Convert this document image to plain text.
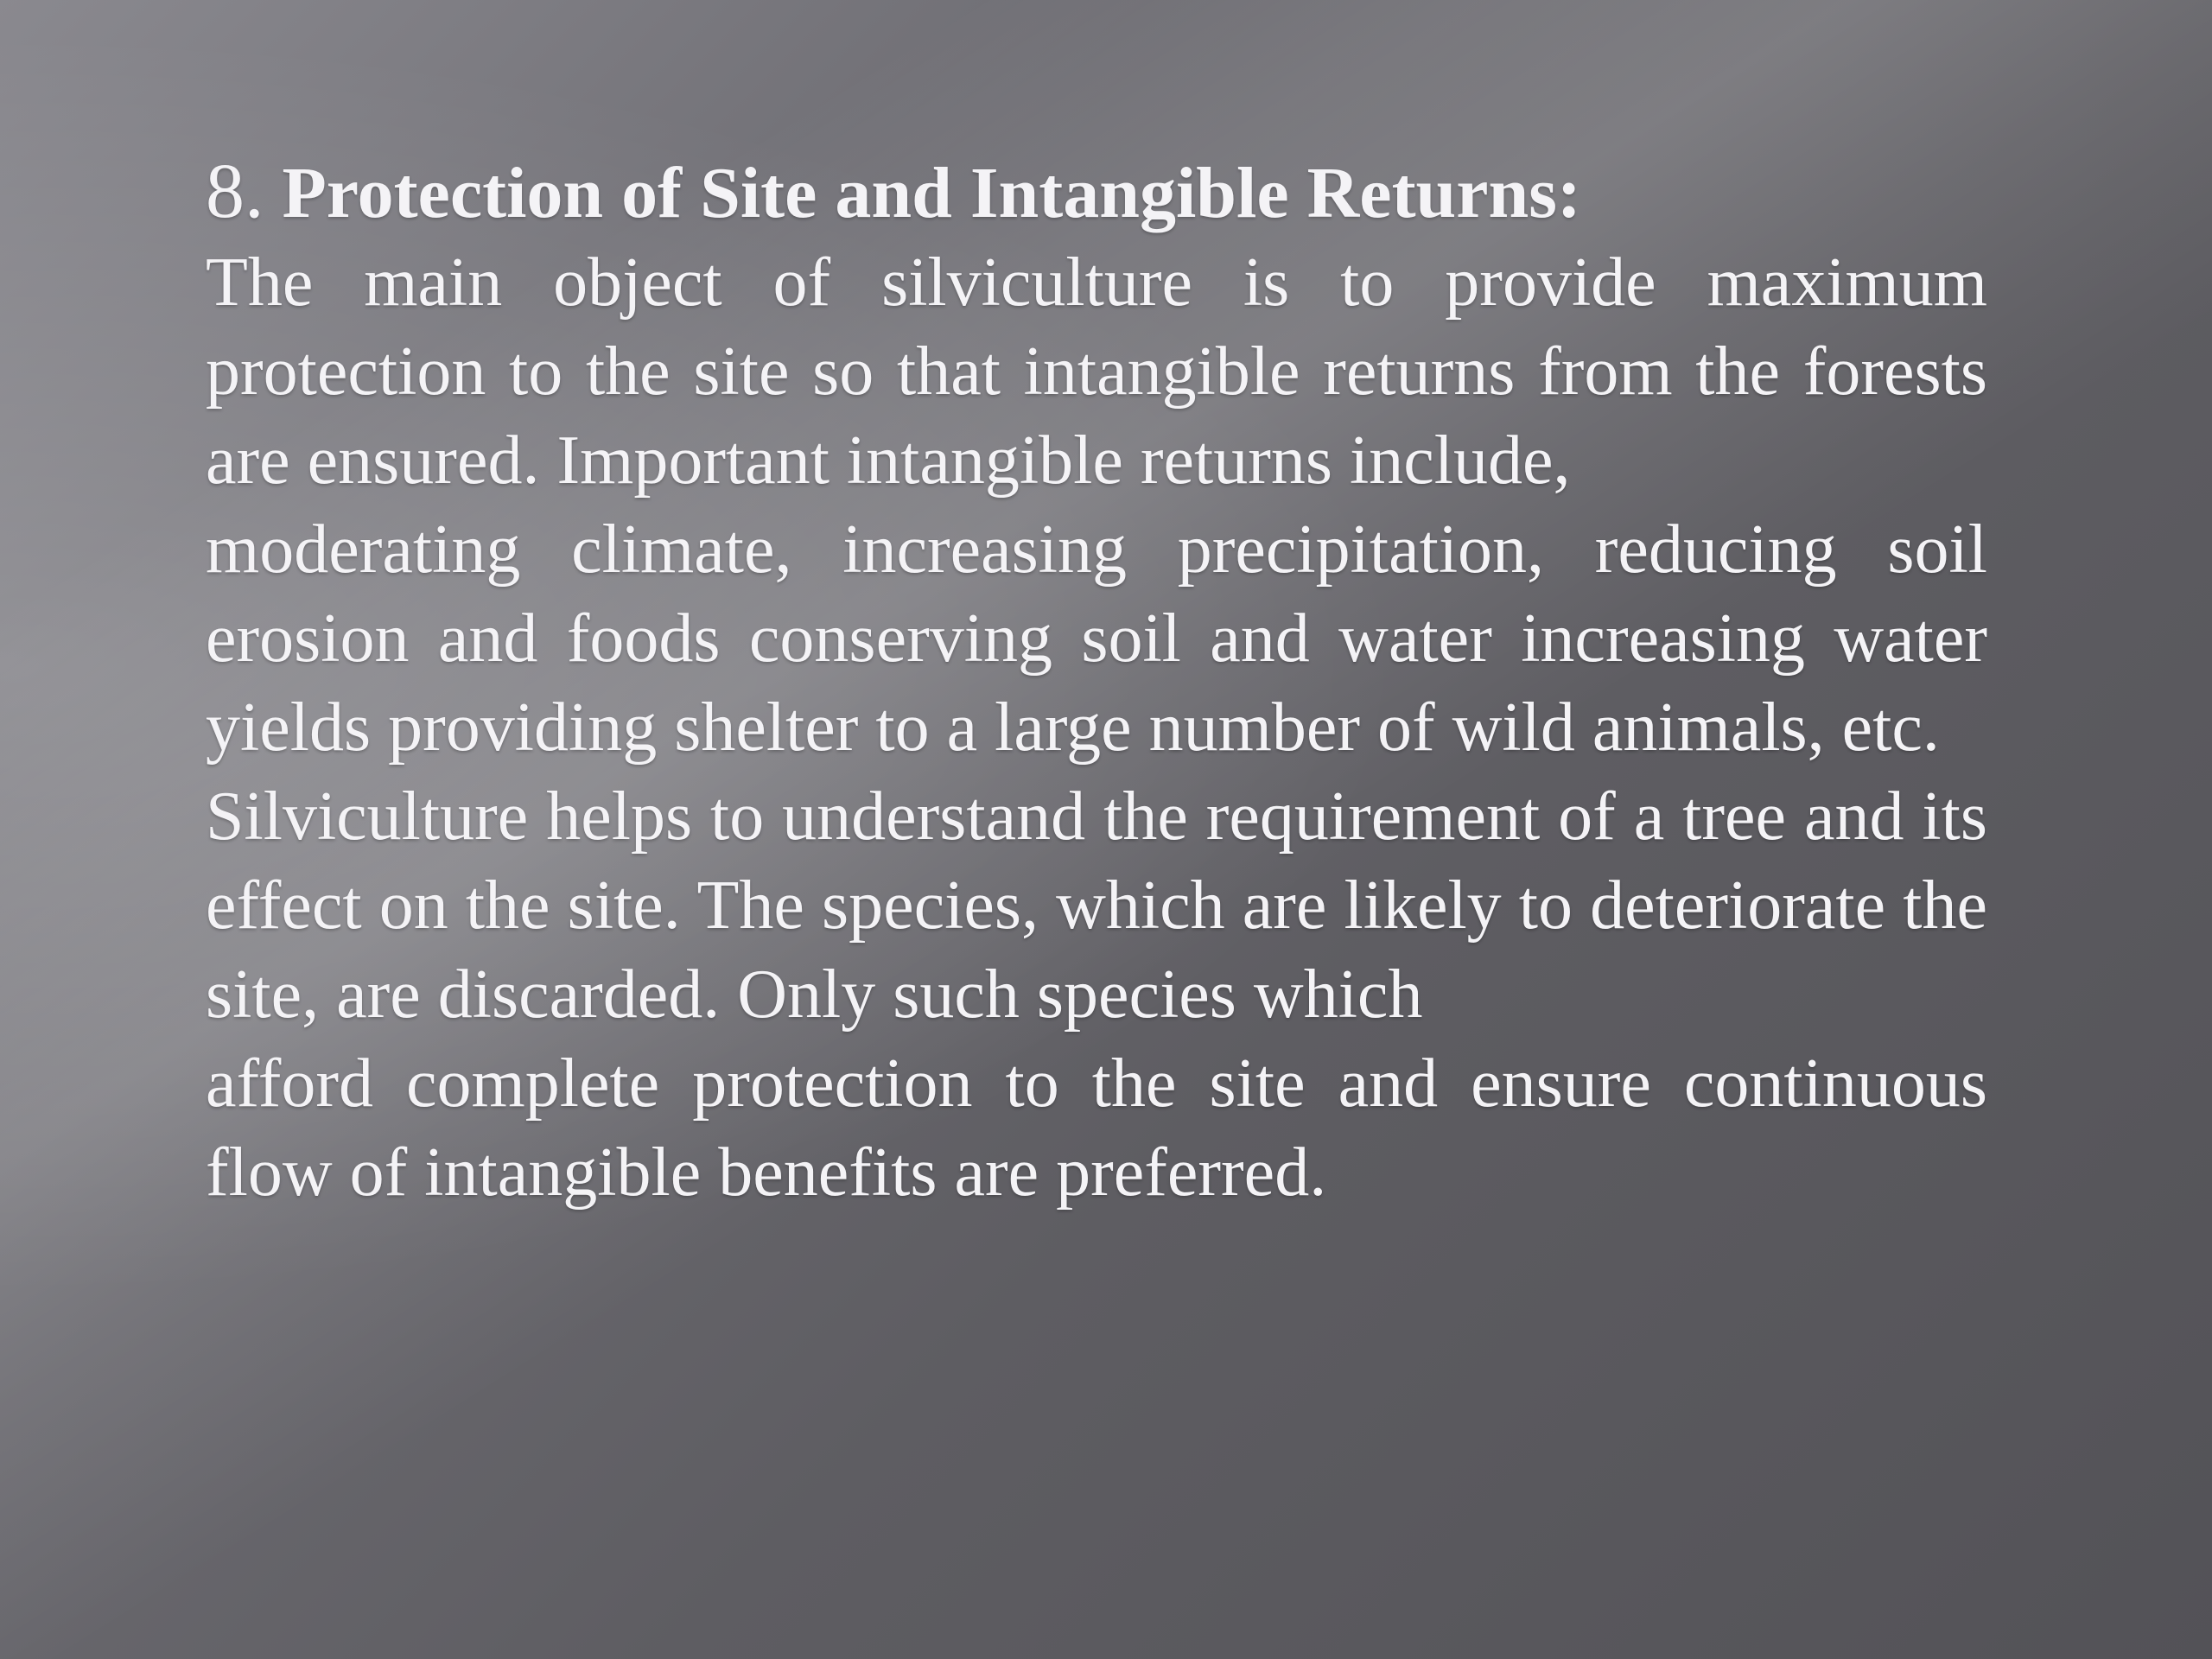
8. Protection of Site and Intangible Returns:

The main object of silviculture is to provide maximum protection to the site so that intangible returns from the forests are ensured. Important intangible returns include,

moderating climate, increasing precipitation, reducing soil erosion and foods conserving soil and water increasing water yields providing shelter to a large number of wild animals, etc.

Silviculture helps to understand the requirement of a tree and its effect on the site. The species, which are likely to deteriorate the site, are discarded. Only such species which

afford complete protection to the site and ensure continuous flow of intangible benefits are preferred.
